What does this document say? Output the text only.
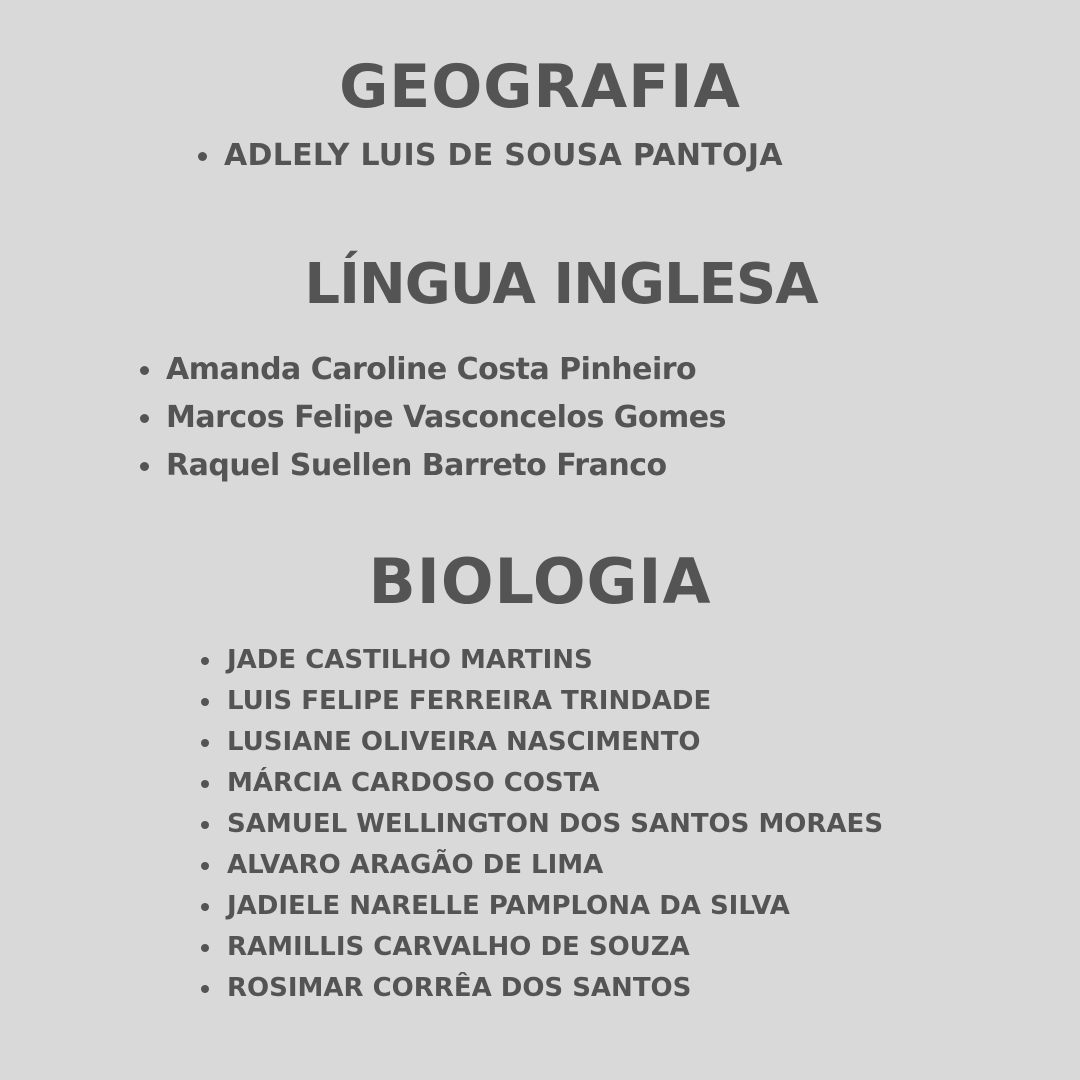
GEOGRAFIA
ADLELY LUIS DE SOUSA PANTOJA
LÍNGUA INGLESA
Amanda Caroline Costa Pinheiro
Marcos Felipe Vasconcelos Gomes
Raquel Suellen Barreto Franco
BIOLOGIA
JADE CASTILHO MARTINS
LUIS FELIPE FERREIRA TRINDADE
LUSIANE OLIVEIRA NASCIMENTO
MÁRCIA CARDOSO COSTA
SAMUEL WELLINGTON DOS SANTOS MORAES
ALVARO ARAGÃO DE LIMA
JADIELE NARELLE PAMPLONA DA SILVA
RAMILLIS CARVALHO DE SOUZA
ROSIMAR CORRÊA DOS SANTOS
